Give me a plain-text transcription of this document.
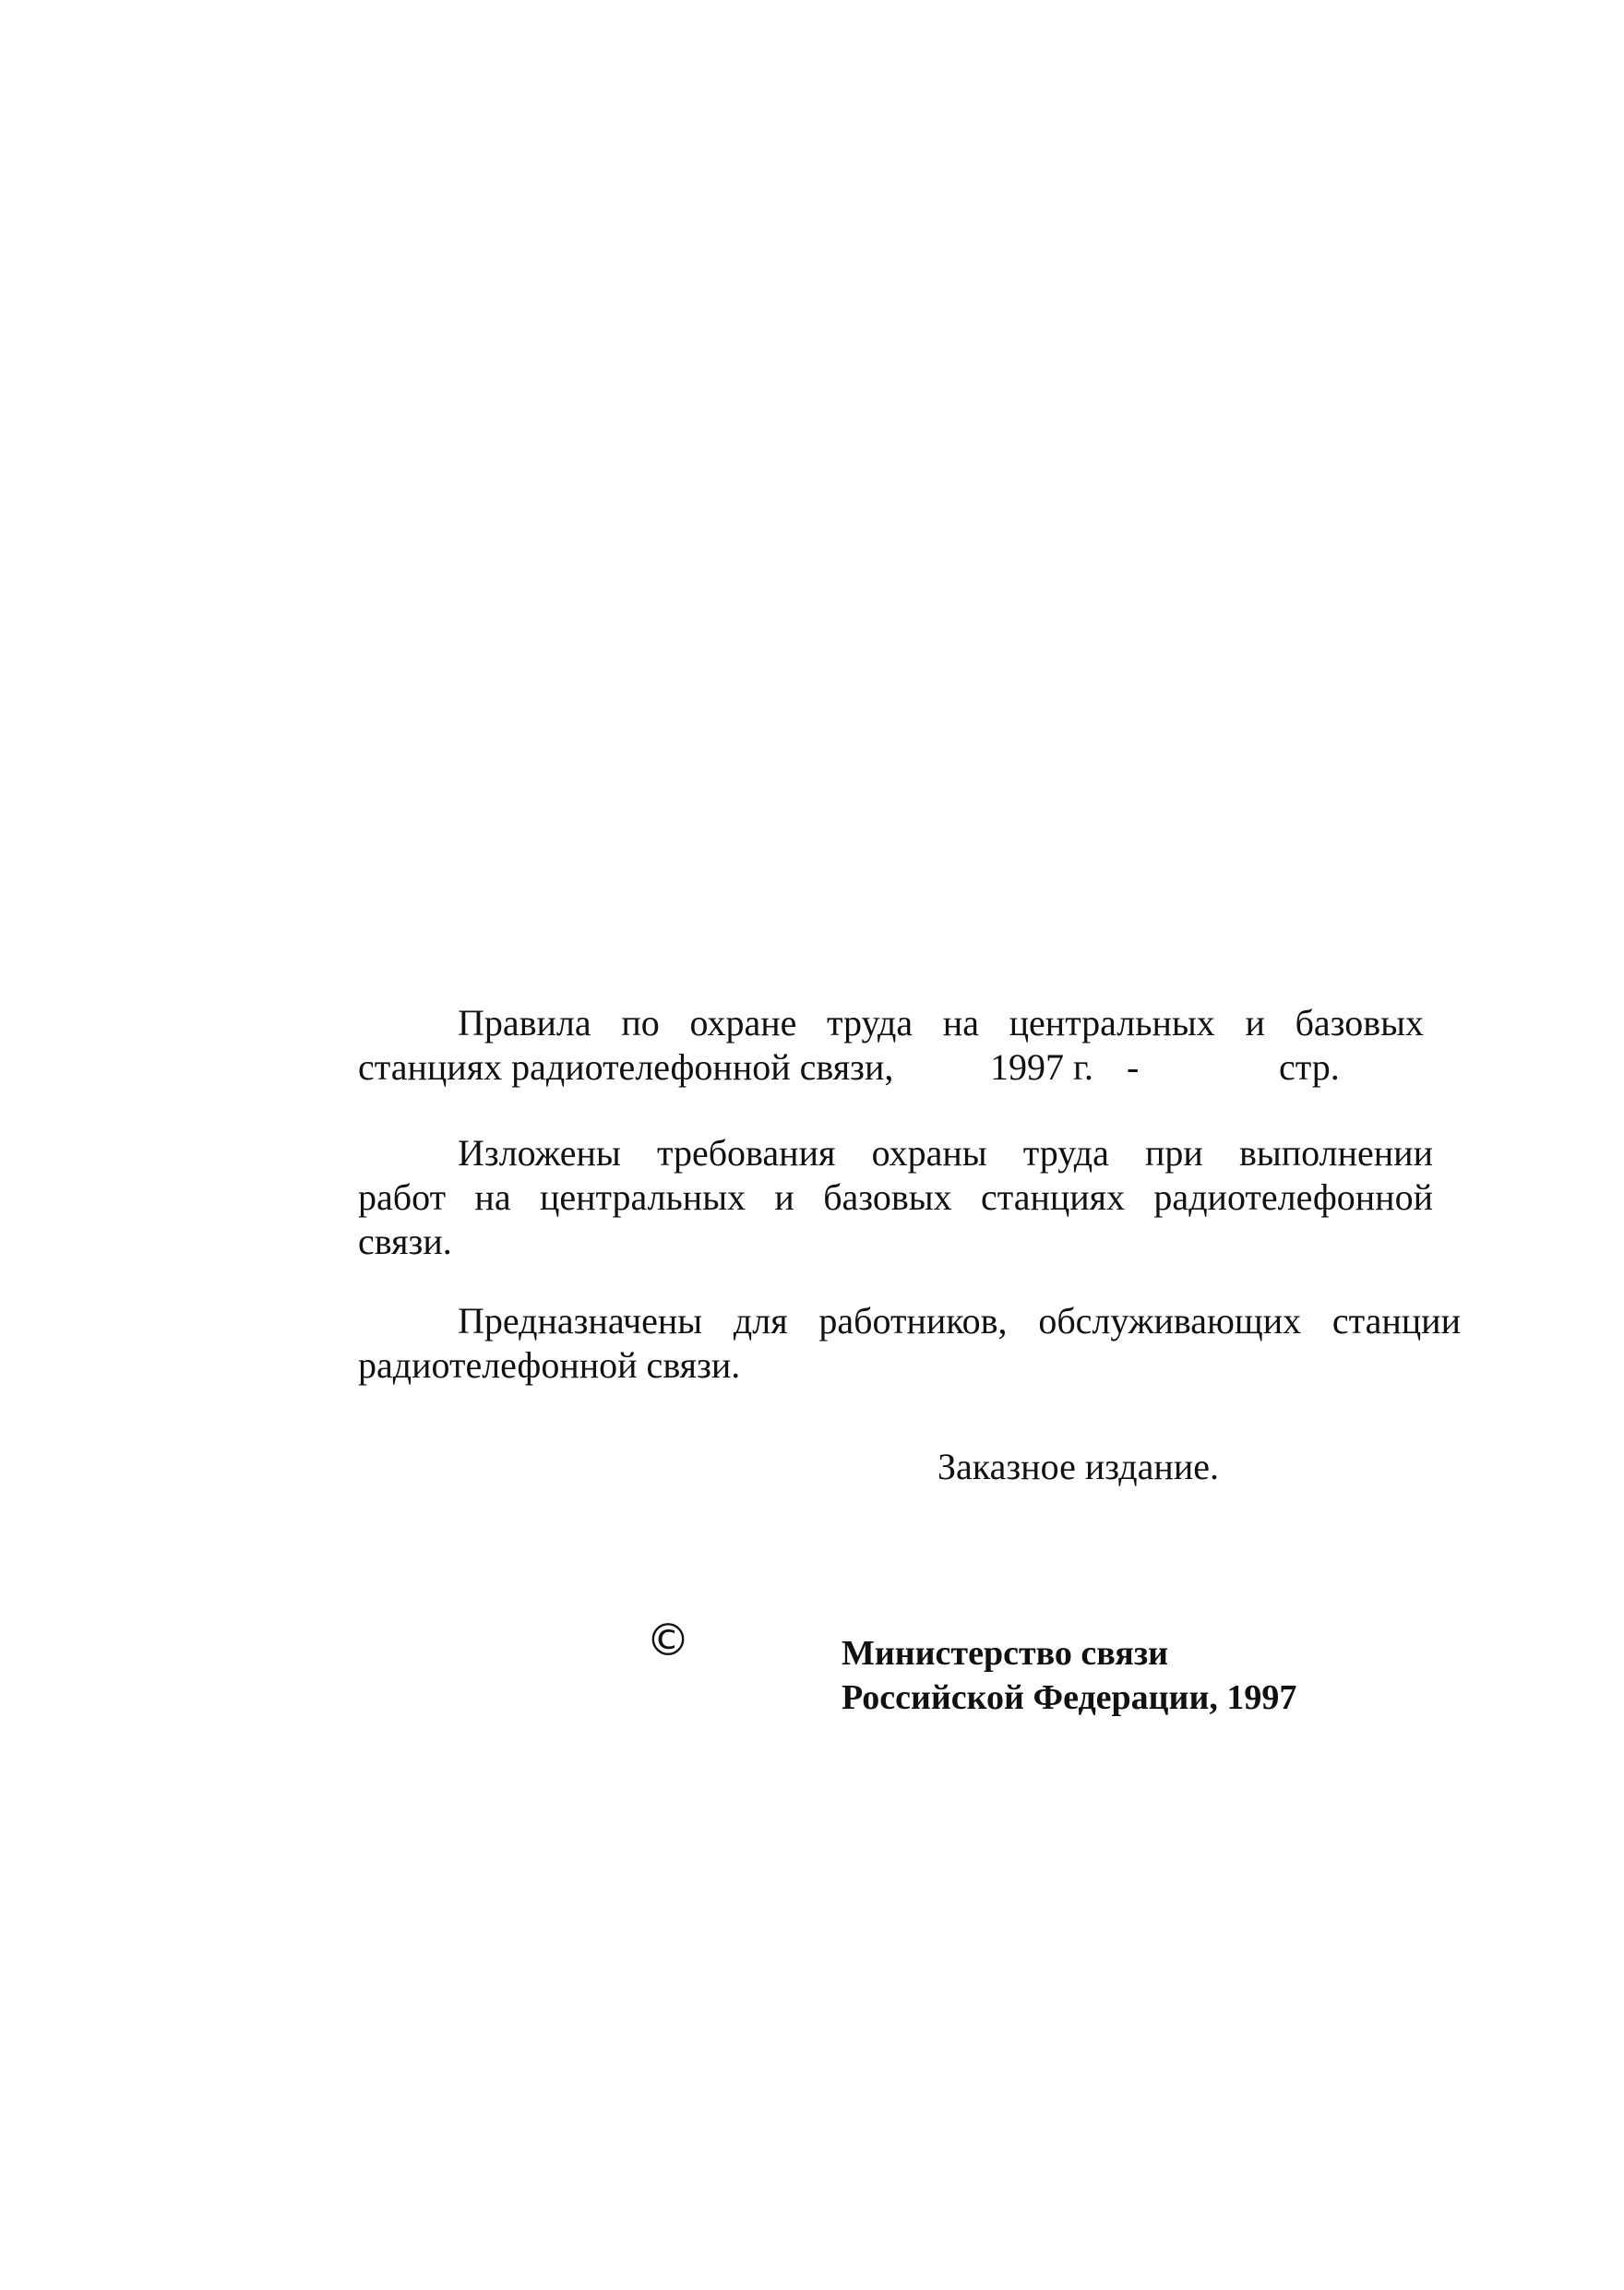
Правила по охране труда на центральных и базовых
станциях радиотелефонной связи,	1997 г. -	стр.
Изложены требования охраны труда при выполнении
работ на центральных и базовых станциях радиотелефонной
связи.
Предназначены для работников, обслуживающих станции
радиотелефонной связи.
Заказное издание.
©	Министерство связи
Российской Федерации, 1997
